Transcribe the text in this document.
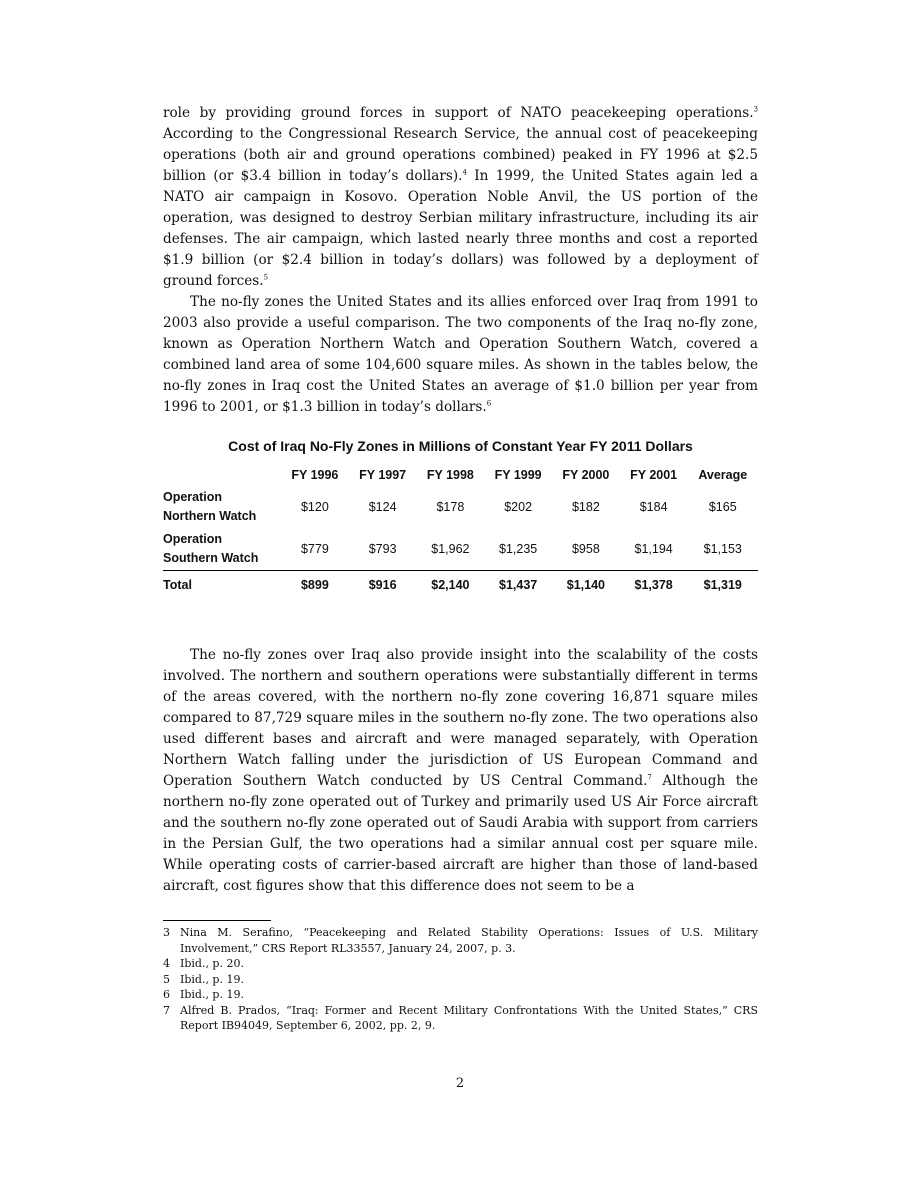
role by providing ground forces in support of NATO peacekeeping operations.$^3$ According to the Congressional Research Service, the annual cost of peacekeeping operations (both air and ground operations combined) peaked in FY 1996 at $2.5 billion (or $3.4 billion in today’s dollars).$^4$ In 1999, the United States again led a NATO air campaign in Kosovo. Operation Noble Anvil, the US portion of the operation, was designed to destroy Serbian military infrastructure, including its air defenses. The air campaign, which lasted nearly three months and cost a reported $1.9 billion (or $2.4 billion in today’s dollars) was followed by a deployment of ground forces.$^5$

The no-fly zones the United States and its allies enforced over Iraq from 1991 to 2003 also provide a useful comparison. The two components of the Iraq no-fly zone, known as Operation Northern Watch and Operation Southern Watch, covered a combined land area of some 104,600 square miles. As shown in the tables below, the no-fly zones in Iraq cost the United States an average of $1.0 billion per year from 1996 to 2001, or $1.3 billion in today’s dollars.$^6$

Cost of Iraq No-Fly Zones in Millions of Constant Year FY 2011 Dollars
	FY 1996	FY 1997	FY 1998	FY 1999	FY 2000	FY 2001	Average
Operation
Northern Watch	$120	$124	$178	$202	$182	$184	$165
Operation
Southern Watch	$779	$793	$1,962	$1,235	$958	$1,194	$1,153
Total	$899	$916	$2,140	$1,437	$1,140	$1,378	$1,319

The no-fly zones over Iraq also provide insight into the scalability of the costs involved. The northern and southern operations were substantially different in terms of the areas covered, with the northern no-fly zone covering 16,871 square miles compared to 87,729 square miles in the southern no-fly zone. The two operations also used different bases and aircraft and were managed separately, with Operation Northern Watch falling under the jurisdiction of US European Command and Operation Southern Watch conducted by US Central Command.$^7$ Although the northern no-fly zone operated out of Turkey and primarily used US Air Force aircraft and the southern no-fly zone operated out of Saudi Arabia with support from carriers in the Persian Gulf, the two operations had a similar annual cost per square mile. While operating costs of carrier-based aircraft are higher than those of land-based aircraft, cost figures show that this difference does not seem to be a

3 Nina M. Serafino, “Peacekeeping and Related Stability Operations: Issues of U.S. Military Involvement,” CRS Report RL33557, January 24, 2007, p. 3.
4 Ibid., p. 20.
5 Ibid., p. 19.
6 Ibid., p. 19.
7 Alfred B. Prados, “Iraq: Former and Recent Military Confrontations With the United States,” CRS Report IB94049, September 6, 2002, pp. 2, 9.
2
